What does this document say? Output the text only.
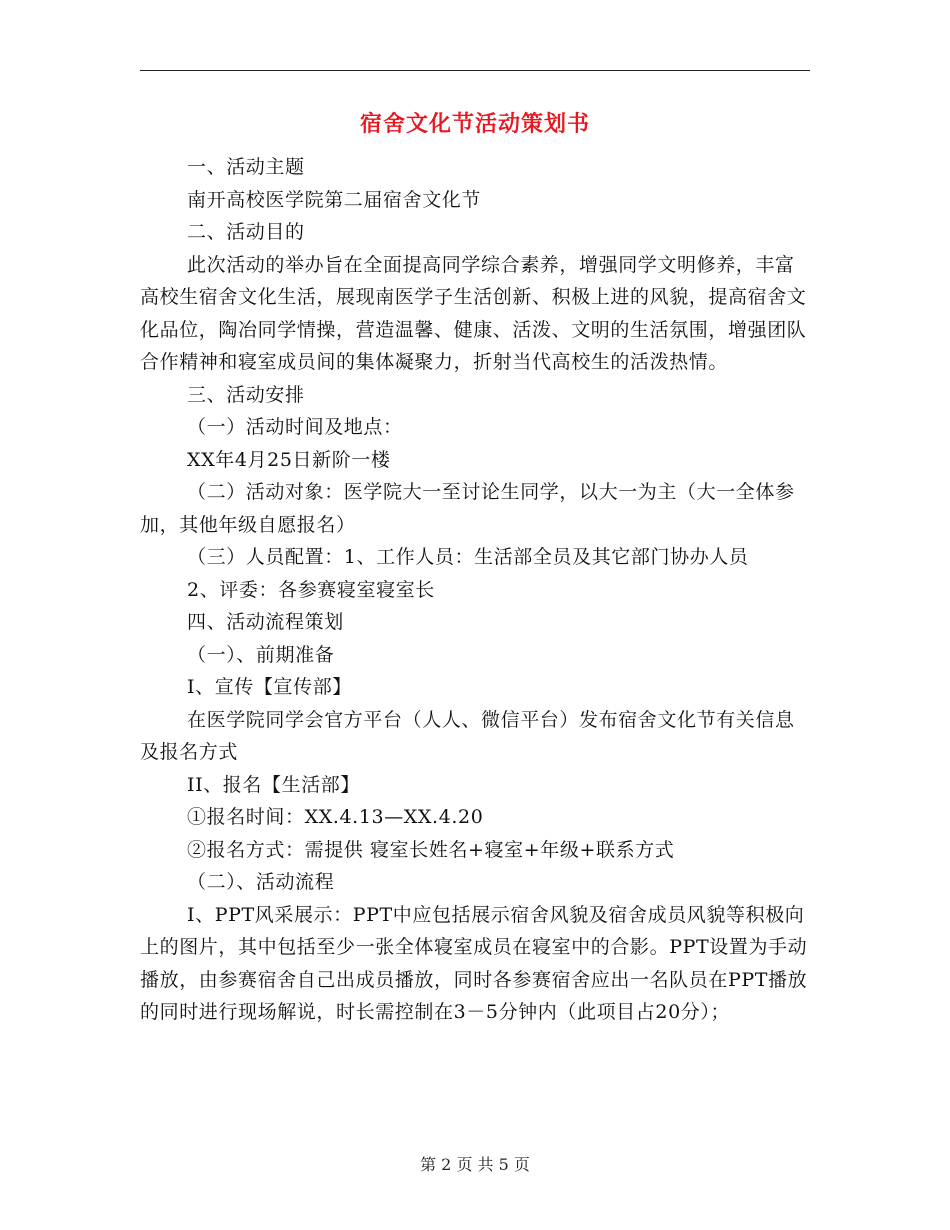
宿舍文化节活动策划书

一、活动主题

南开高校医学院第二届宿舍文化节

二、活动目的

此次活动的举办旨在全面提高同学综合素养，增强同学文明修养，丰富高校生宿舍文化生活，展现南医学子生活创新、积极上进的风貌，提高宿舍文化品位，陶冶同学情操，营造温馨、健康、活泼、文明的生活氛围，增强团队合作精神和寝室成员间的集体凝聚力，折射当代高校生的活泼热情。

三、活动安排

（一）活动时间及地点：

XX年4月25日新阶一楼

（二）活动对象：医学院大一至讨论生同学，以大一为主（大一全体参加，其他年级自愿报名）

（三）人员配置：1、工作人员：生活部全员及其它部门协办人员

2、评委：各参赛寝室寝室长

四、活动流程策划

（一）、前期准备

I、宣传【宣传部】

在医学院同学会官方平台（人人、微信平台）发布宿舍文化节有关信息及报名方式

II、报名【生活部】

①报名时间：XX.4.13—XX.4.20

②报名方式：需提供 寝室长姓名+寝室+年级+联系方式

（二）、活动流程

I、PPT风采展示：PPT中应包括展示宿舍风貌及宿舍成员风貌等积极向上的图片，其中包括至少一张全体寝室成员在寝室中的合影。PPT设置为手动播放，由参赛宿舍自己出成员播放，同时各参赛宿舍应出一名队员在PPT播放的同时进行现场解说，时长需控制在3－5分钟内（此项目占20分）；

第 2 页 共 5 页
